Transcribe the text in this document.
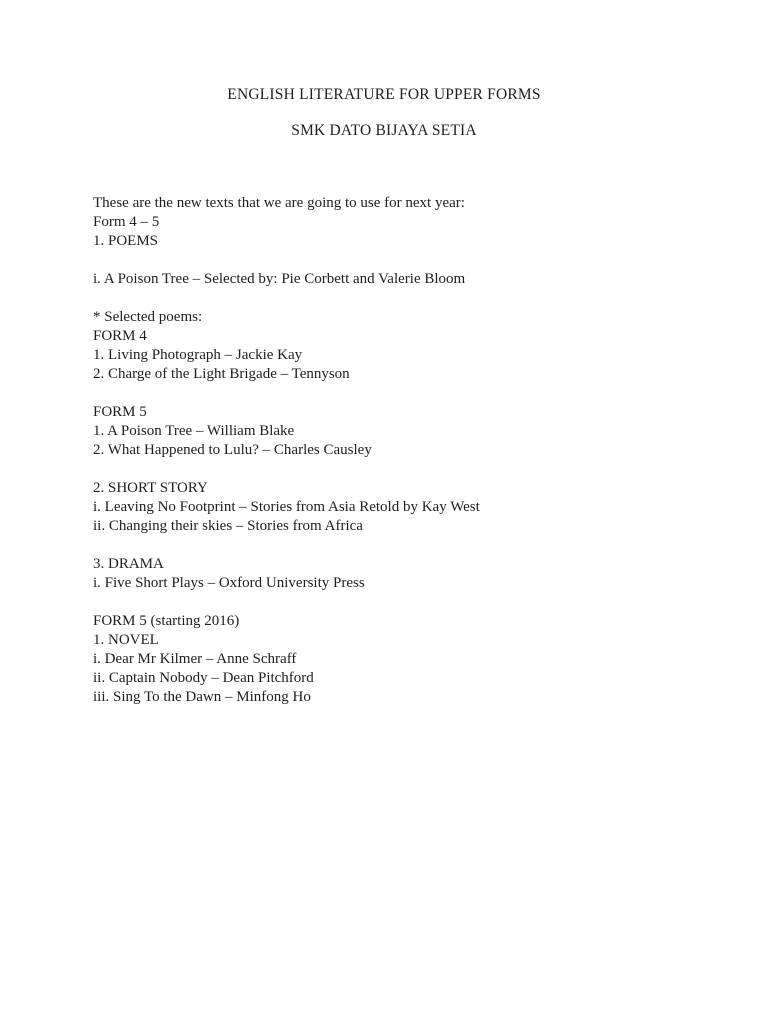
ENGLISH LITERATURE FOR UPPER FORMS
SMK DATO BIJAYA SETIA
These are the new texts that we are going to use for next year:
Form 4 – 5
1. POEMS
i. A Poison Tree – Selected by: Pie Corbett and Valerie Bloom
* Selected poems:
FORM 4
1. Living Photograph – Jackie Kay
2. Charge of the Light Brigade – Tennyson
FORM 5
1. A Poison Tree – William Blake
2. What Happened to Lulu? – Charles Causley
2. SHORT STORY
i. Leaving No Footprint – Stories from Asia Retold by Kay West
ii. Changing their skies – Stories from Africa
3. DRAMA
i. Five Short Plays – Oxford University Press
FORM 5 (starting 2016)
1. NOVEL
i. Dear Mr Kilmer – Anne Schraff
ii. Captain Nobody – Dean Pitchford
iii. Sing To the Dawn – Minfong Ho
